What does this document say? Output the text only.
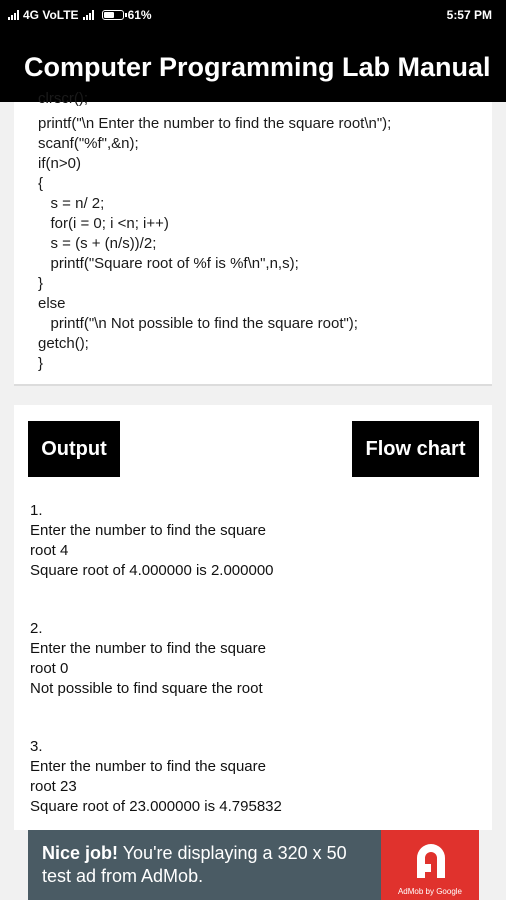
4G VoLTE	61%	5:57 PM
Computer Programming Lab Manual
clrscr();
printf("\n Enter the number to find the square root\n");
scanf("%f",&n);
if(n>0)
{
s = n/ 2;
for(i = 0; i <n; i++)
s = (s + (n/s))/2;
printf("Square root of %f is %f\n",n,s);
}
else
printf("\n Not possible to find the square root");
getch();
}
Output	Flow chart
1.
Enter the number to find the square
root 4
Square root of 4.000000 is 2.000000
2.
Enter the number to find the square
root 0
Not possible to find square the root
3.
Enter the number to find the square
root 23
Square root of 23.000000 is 4.795832
Nice job! You're displaying a 320 x 50 test ad from AdMob.
AdMob by Google
